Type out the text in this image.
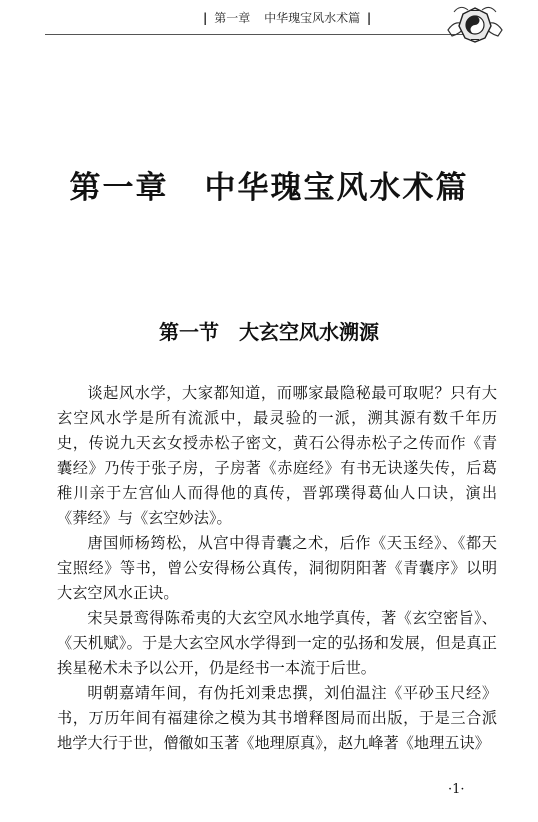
| 第一章 中华瑰宝风水术篇 |
第一章 中华瑰宝风水术篇
第一节 大玄空风水溯源

谈起风水学，大家都知道，而哪家最隐秘最可取呢？只有大玄空风水学是所有流派中，最灵验的一派，溯其源有数千年历史，传说九天玄女授赤松子密文，黄石公得赤松子之传而作《青囊经》乃传于张子房，子房著《赤庭经》有书无诀遂失传，后葛稚川亲于左宫仙人而得他的真传，晋郭璞得葛仙人口诀，演出《葬经》与《玄空妙法》。

唐国师杨筠松，从宫中得青囊之术，后作《天玉经》、《都天宝照经》等书，曾公安得杨公真传，洞彻阴阳著《青囊序》以明大玄空风水正诀。

宋吴景鸾得陈希夷的大玄空风水地学真传，著《玄空密旨》、《天机赋》。于是大玄空风水学得到一定的弘扬和发展，但是真正挨星秘术未予以公开，仍是经书一本流于后世。

明朝嘉靖年间，有伪托刘秉忠撰，刘伯温注《平砂玉尺经》书，万历年间有福建徐之模为其书增释图局而出版，于是三合派地学大行于世，僧徹如玉著《地理原真》，赵九峰著《地理五诀》

·1·
